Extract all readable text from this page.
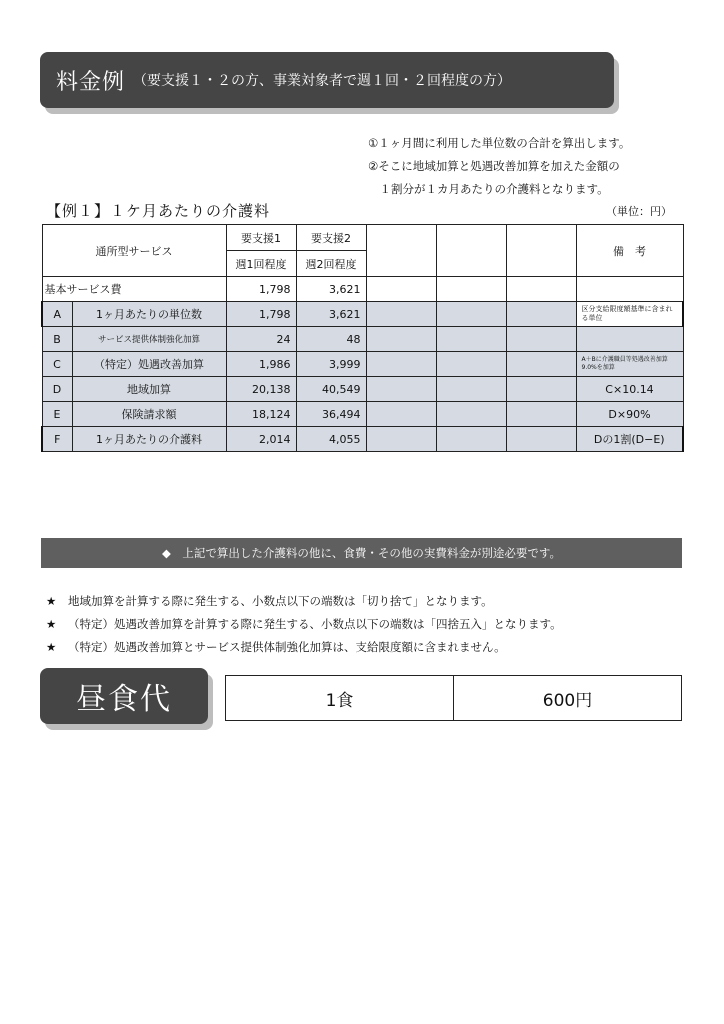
料金例 （要支援１・２の方、事業対象者で週１回・２回程度の方）
①１ヶ月間に利用した単位数の合計を算出します。
②そこに地域加算と処遇改善加算を加えた金額の
　１割分が１カ月あたりの介護料となります。
【例１】１ケ月あたりの介護料	（単位：円）
通所型サービス		要支援1	要支援2				備　考
		週1回程度	週2回程度				
基本サービス費		1,798	3,621				
A	1ヶ月あたりの単位数	1,798	3,621				区分支給限度額基準に含まれる単位
B	サービス提供体制強化加算	24	48				
C	（特定）処遇改善加算	1,986	3,999				A＋Bに介護職員等処遇改善加算9.0%を加算
D	地域加算	20,138	40,549				C×10.14
E	保険請求額	18,124	36,494				D×90%
F	1ヶ月あたりの介護料	2,014	4,055				Dの1割(D−E)
◆　上記で算出した介護料の他に、食費・その他の実費料金が別途必要です。
★ 地域加算を計算する際に発生する、小数点以下の端数は「切り捨て」となります。
★ （特定）処遇改善加算を計算する際に発生する、小数点以下の端数は「四捨五入」となります。
★ （特定）処遇改善加算とサービス提供体制強化加算は、支給限度額に含まれません。
昼食代	1食	600円
